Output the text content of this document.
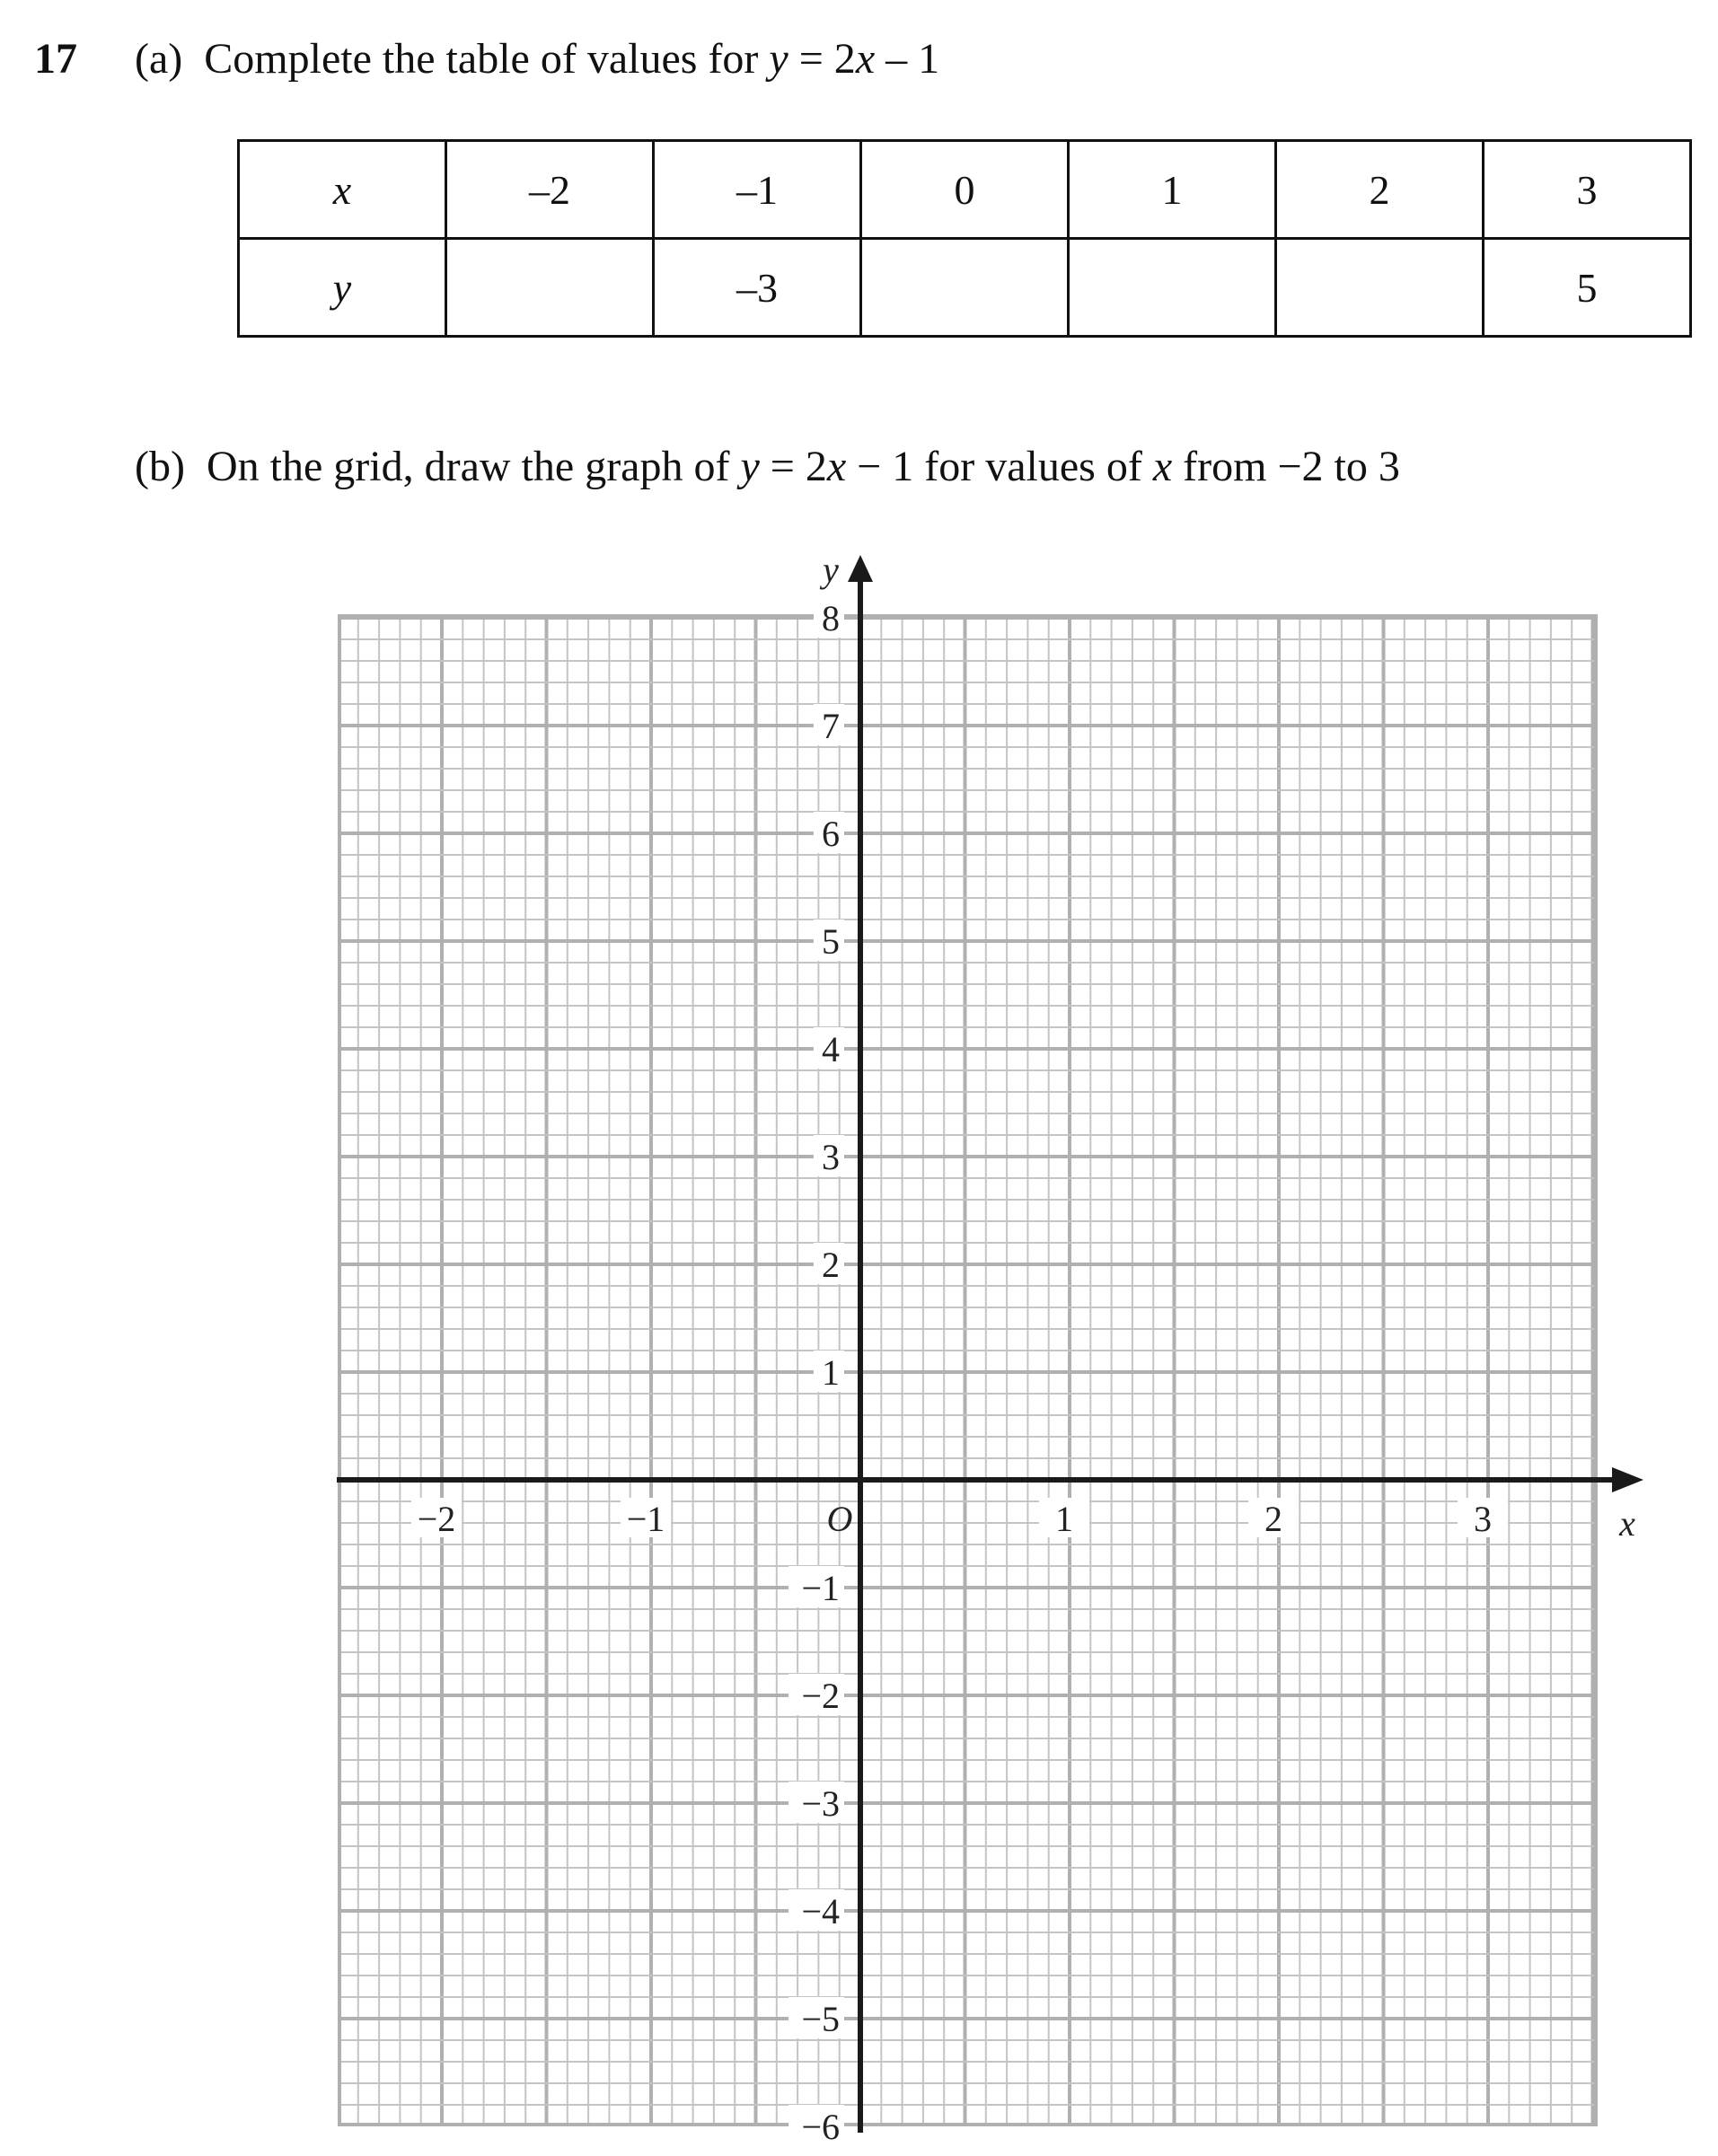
17 (a) Complete the table of values for y = 2x – 1
x	–2	–1	0	1	2	3
y		–3				5
(b) On the grid, draw the graph of y = 2x − 1 for values of x from −2 to 3
x
y
O
−2	−1	1	2	3
8
7
6
5
4
3
2
1
−1
−2
−3
−4
−5
−6
